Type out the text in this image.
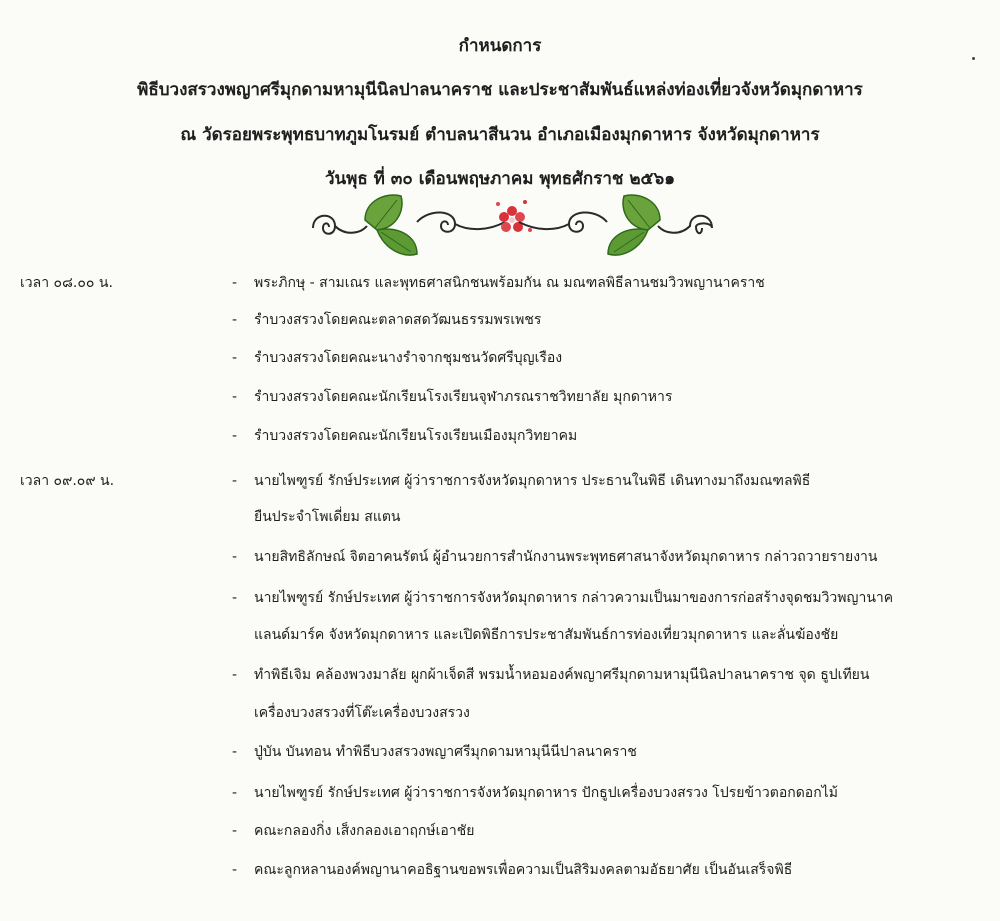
กำหนดการ
พิธีบวงสรวงพญาศรีมุกดามหามุนีนิลปาลนาคราช และประชาสัมพันธ์แหล่งท่องเที่ยวจังหวัดมุกดาหาร
ณ วัดรอยพระพุทธบาทภูมโนรมย์ ตำบลนาสีนวน อำเภอเมืองมุกดาหาร จังหวัดมุกดาหาร
วันพุธ ที่ ๓๐ เดือนพฤษภาคม พุทธศักราช ๒๕๖๑
เวลา ๐๘.๐๐ น.
เวลา ๐๙.๐๙ น.
- พระภิกษุ - สามเณร และพุทธศาสนิกชนพร้อมกัน ณ มณฑลพิธีลานชมวิวพญานาคราช
- รำบวงสรวงโดยคณะตลาดสดวัฒนธรรมพรเพชร
- รำบวงสรวงโดยคณะนางรำจากชุมชนวัดศรีบุญเรือง
- รำบวงสรวงโดยคณะนักเรียนโรงเรียนจุฬาภรณราชวิทยาลัย มุกดาหาร
- รำบวงสรวงโดยคณะนักเรียนโรงเรียนเมืองมุกวิทยาคม
- นายไพฑูรย์ รักษ์ประเทศ ผู้ว่าราชการจังหวัดมุกดาหาร ประธานในพิธี เดินทางมาถึงมณฑลพิธี
ยืนประจำโพเดี่ยม สแตน
- นายสิทธิลักษณ์ จิตอาคนรัตน์ ผู้อำนวยการสำนักงานพระพุทธศาสนาจังหวัดมุกดาหาร กล่าวถวายรายงาน
- นายไพฑูรย์ รักษ์ประเทศ ผู้ว่าราชการจังหวัดมุกดาหาร กล่าวความเป็นมาของการก่อสร้างจุดชมวิวพญานาค
แลนด์มาร์ค จังหวัดมุกดาหาร และเปิดพิธีการประชาสัมพันธ์การท่องเที่ยวมุกดาหาร และลั่นฆ้องชัย
- ทำพิธีเจิม คล้องพวงมาลัย ผูกผ้าเจ็ดสี พรมน้ำหอมองค์พญาศรีมุกดามหามุนีนิลปาลนาคราช จุด ธูปเทียน
เครื่องบวงสรวงที่โต๊ะเครื่องบวงสรวง
- ปู่บัน บันทอน ทำพิธีบวงสรวงพญาศรีมุกดามหามุนีนีปาลนาคราช
- นายไพฑูรย์ รักษ์ประเทศ ผู้ว่าราชการจังหวัดมุกดาหาร ปักธูปเครื่องบวงสรวง โปรยข้าวตอกดอกไม้
- คณะกลองกิ่ง เส็งกลองเอาฤกษ์เอาชัย
- คณะลูกหลานองค์พญานาคอธิฐานขอพรเพื่อความเป็นสิริมงคลตามอัธยาศัย เป็นอันเสร็จพิธี
